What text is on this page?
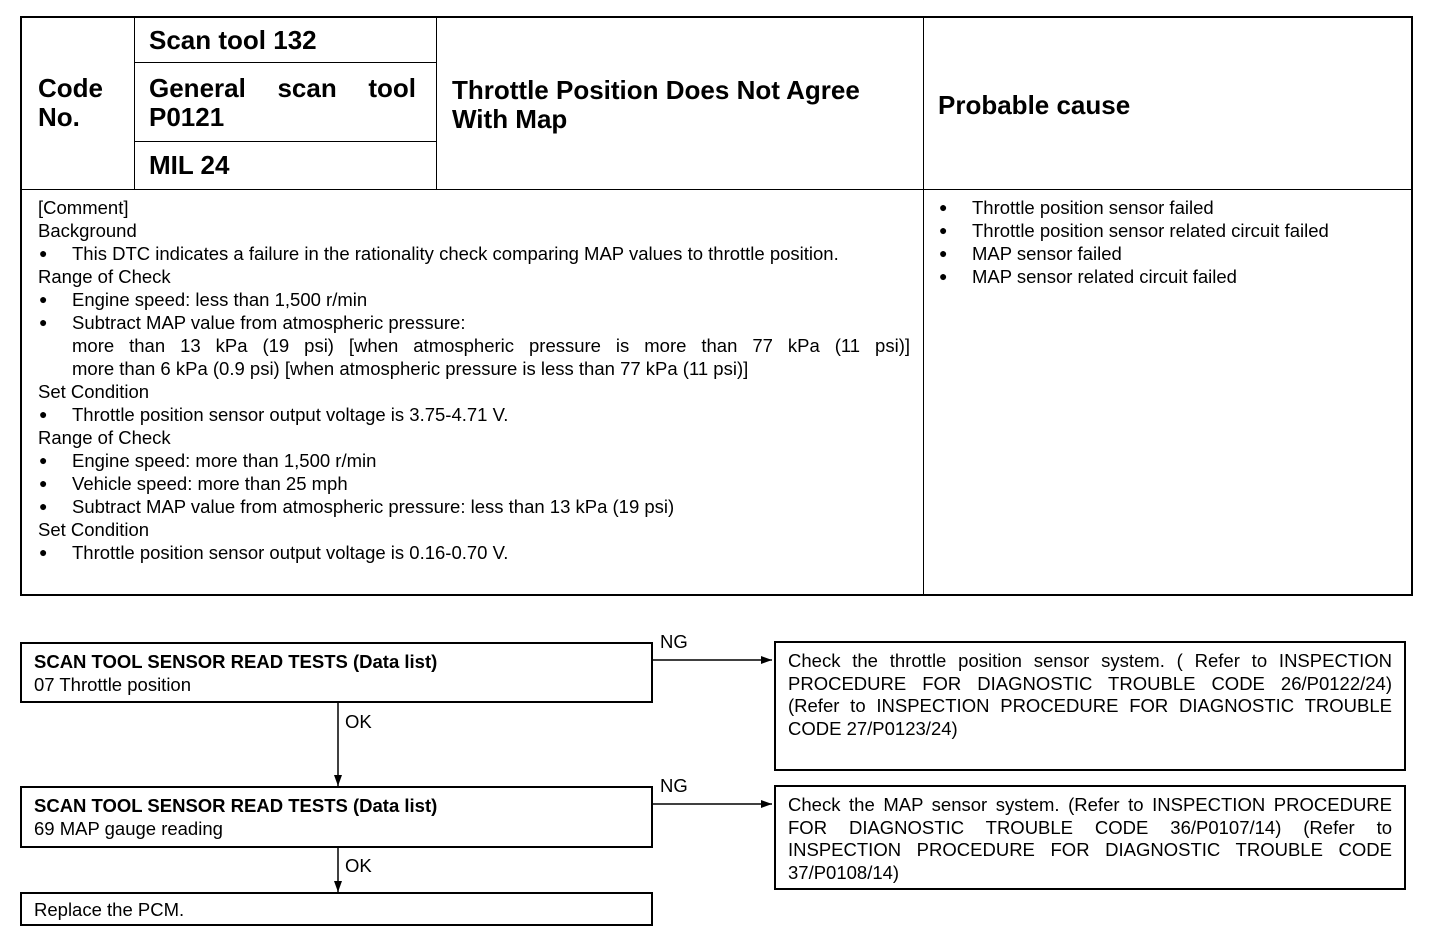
Code
No.
Scan tool 132
General scan tool P0121
MIL 24
Throttle Position Does Not Agree With Map	Probable cause
[Comment]
Background
● This DTC indicates a failure in the rationality check comparing MAP values to throttle position.
Range of Check
● Engine speed: less than 1,500 r/min
● Subtract MAP value from atmospheric pressure:
more than 13 kPa (19 psi) [when atmospheric pressure is more than 77 kPa (11 psi)]
more than 6 kPa (0.9 psi) [when atmospheric pressure is less than 77 kPa (11 psi)]
Set Condition
● Throttle position sensor output voltage is 3.75-4.71 V.
Range of Check
● Engine speed: more than 1,500 r/min
● Vehicle speed: more than 25 mph
● Subtract MAP value from atmospheric pressure: less than 13 kPa (19 psi)
Set Condition
● Throttle position sensor output voltage is 0.16-0.70 V.
● Throttle position sensor failed
● Throttle position sensor related circuit failed
● MAP sensor failed
● MAP sensor related circuit failed
SCAN TOOL SENSOR READ TESTS (Data list)
07 Throttle position
SCAN TOOL SENSOR READ TESTS (Data list)
69 MAP gauge reading
Replace the PCM.
NG
OK
NG
OK
Check the throttle position sensor system. ( Refer to INSPECTION PROCEDURE FOR DIAGNOSTIC TROUBLE CODE 26/P0122/24) (Refer to INSPECTION PROCEDURE FOR DIAGNOSTIC TROUBLE CODE 27/P0123/24)
Check the MAP sensor system. (Refer to INSPECTION PROCEDURE FOR DIAGNOSTIC TROUBLE CODE 36/P0107/14) (Refer to INSPECTION PROCEDURE FOR DIAGNOSTIC TROUBLE CODE 37/P0108/14)
